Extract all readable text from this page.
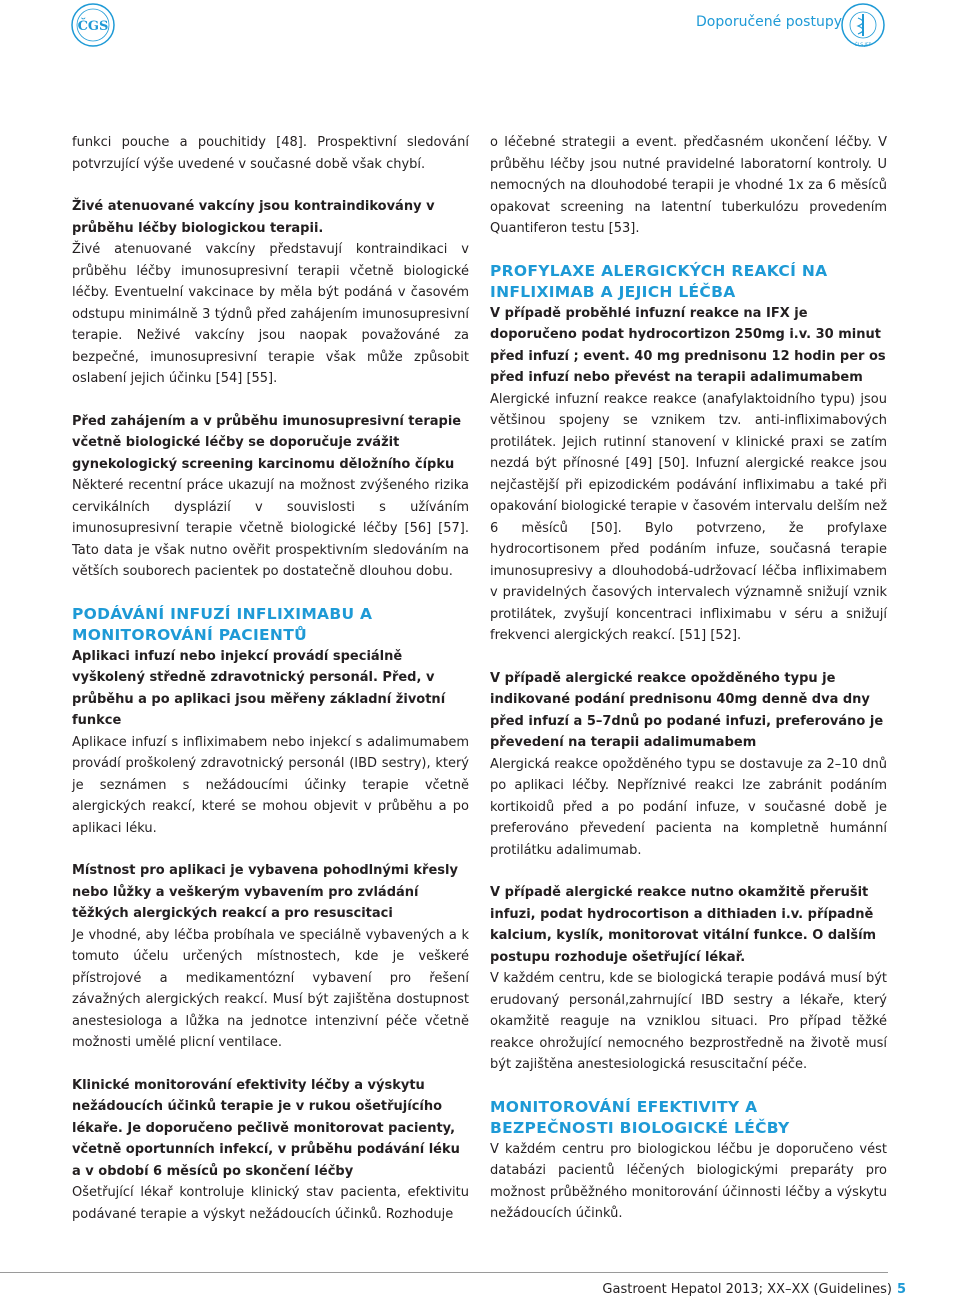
ČGS	Doporučené postupy
ČLS JEP

funkci pouche a pouchitidy [48]. Prospektivní sledování potvrzující výše uvedené v současné době však chybí.

Živé atenuované vakcíny jsou kontraindikovány v průběhu léčby biologickou terapii.

Živé atenuované vakcíny představují kontraindikaci v průběhu léčby imunosupresivní terapii včetně biologické léčby. Eventuelní vakcinace by měla být podáná v časovém odstupu minimálně 3 týdnů před zahájením imunosupresivní terapie. Neživé vakcíny jsou naopak považováné za bezpečné, imunosupresivní terapie však může způsobit oslabení jejich účinku [54] [55].

Před zahájením a v průběhu imunosupresivní terapie včetně biologické léčby se doporučuje zvážit gynekologický screening karcinomu děložního čípku

Některé recentní práce ukazují na možnost zvýšeného rizika cervikálních dysplázií v souvislosti s užíváním imunosupresivní terapie včetně biologické léčby [56] [57]. Tato data je však nutno ověřit prospektivním sledováním na větších souborech pacientek po dostatečně dlouhou dobu.

PODÁVÁNÍ INFUZÍ INFLIXIMABU A MONITOROVÁNÍ PACIENTŮ

Aplikaci infuzí nebo injekcí provádí speciálně vyškolený středně zdravotnický personál. Před, v průběhu a po aplikaci jsou měřeny základní životní funkce

Aplikace infuzí s infliximabem nebo injekcí s adalimumabem provádí proškolený zdravotnický personál (IBD sestry), který je seznámen s nežádoucími účinky terapie včetně alergických reakcí, které se mohou objevit v průběhu a po aplikaci léku.

Místnost pro aplikaci je vybavena pohodlnými křesly nebo lůžky a veškerým vybavením pro zvládání těžkých alergických reakcí a pro resuscitaci

Je vhodné, aby léčba probíhala ve speciálně vybavených a k tomuto účelu určených místnostech, kde je veškeré přístrojové a medikamentózní vybavení pro řešení závažných alergických reakcí. Musí být zajištěna dostupnost anestesiologa a lůžka na jednotce intenzivní péče včetně možnosti umělé plicní ventilace.

Klinické monitorování efektivity léčby a výskytu nežádoucích účinků terapie je v rukou ošetřujícího lékaře. Je doporučeno pečlivě monitorovat pacienty, včetně oportunních infekcí, v průběhu podávání léku a v období 6 měsíců po skončení léčby

Ošetřující lékař kontroluje klinický stav pacienta, efektivitu podávané terapie a výskyt nežádoucích účinků. Rozhoduje

o léčebné strategii a event. předčasném ukončení léčby. V průběhu léčby jsou nutné pravidelné laboratorní kontroly. U nemocných na dlouhodobé terapii je vhodné 1x za 6 měsíců opakovat screening na latentní tuberkulózu provedením Quantiferon testu [53].

PROFYLAXE ALERGICKÝCH REAKCÍ NA INFLIXIMAB A JEJICH LÉČBA

V případě proběhlé infuzní reakce na IFX je doporučeno podat hydrocortizon 250mg i.v. 30 minut před infuzí ; event. 40 mg prednisonu 12 hodin per os před infuzí nebo převést na terapii adalimumabem

Alergické infuzní reakce reakce (anafylaktoidního typu) jsou většinou spojeny se vznikem tzv. anti-infliximabových protilátek. Jejich rutinní stanovení v klinické praxi se zatím nezdá být přínosné [49] [50]. Infuzní alergické reakce jsou nejčastější při epizodickém podávání infliximabu a také při opakování biologické terapie v časovém intervalu delším než 6 měsíců [50]. Bylo potvrzeno, že profylaxe hydrocortisonem před podáním infuze, současná terapie imunosupresivy a dlouhodobá-udržovací léčba infliximabem v pravidelných časových intervalech významně snižují vznik protilátek, zvyšují koncentraci infliximabu v séru a snižují frekvenci alergických reakcí. [51] [52].

V případě alergické reakce opožděného typu je indikované podání prednisonu 40mg denně dva dny před infuzí a 5–7dnů po podané infuzi, preferováno je převedení na terapii adalimumabem

Alergická reakce opožděného typu se dostavuje za 2–10 dnů po aplikaci léčby. Nepříznivé reakci lze zabránit podáním kortikoidů před a po podání infuze, v současné době je preferováno převedení pacienta na kompletně humánní protilátku adalimumab.

V případě alergické reakce nutno okamžitě přerušit infuzi, podat hydrocortison a dithiaden i.v. případně kalcium, kyslík, monitorovat vitální funkce. O dalším postupu rozhoduje ošetřující lékař.

V každém centru, kde se biologická terapie podává musí být erudovaný personál,zahrnující IBD sestry a lékaře, který okamžitě reaguje na vzniklou situaci. Pro případ těžké reakce ohrožující nemocného bezprostředně na životě musí být zajištěna anestesiologická resuscitační péče.

MONITOROVÁNÍ EFEKTIVITY A BEZPEČNOSTI BIOLOGICKÉ LÉČBY

V každém centru pro biologickou léčbu je doporučeno vést databázi pacientů léčených biologickými preparáty pro možnost průběžného monitorování účinnosti léčby a výskytu nežádoucích účinků.

Gastroent Hepatol 2013; XX–XX (Guidelines) 5
